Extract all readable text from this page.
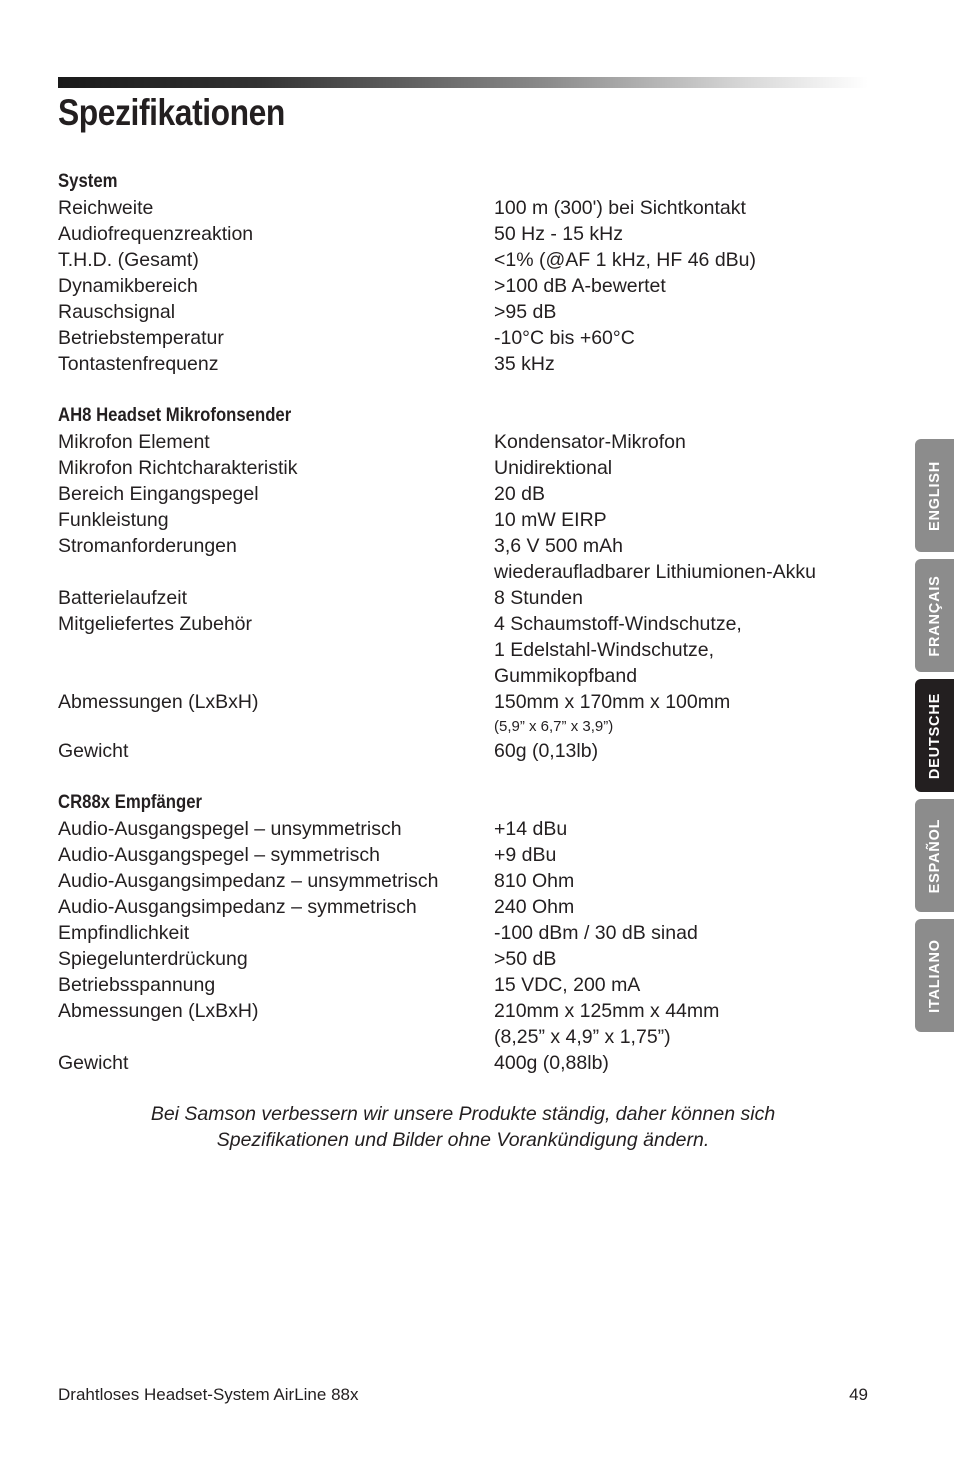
Spezifikationen
System
Reichweite	100 m (300') bei Sichtkontakt
Audiofrequenzreaktion	50 Hz - 15 kHz
T.H.D. (Gesamt)	<1% (@AF 1 kHz, HF 46 dBu)
Dynamikbereich	>100 dB A-bewertet
Rauschsignal	>95 dB
Betriebstemperatur	-10°C bis +60°C
Tontastenfrequenz	35 kHz
AH8 Headset Mikrofonsender
Mikrofon Element	Kondensator-Mikrofon
Mikrofon Richtcharakteristik	Unidirektional
Bereich Eingangspegel	20 dB
Funkleistung	10 mW EIRP
Stromanforderungen	3,6 V 500 mAh
wiederaufladbarer Lithiumionen-Akku
Batterielaufzeit	8 Stunden
Mitgeliefertes Zubehör	4 Schaumstoff-Windschutze,
1 Edelstahl-Windschutze,
Gummikopfband
Abmessungen (LxBxH)	150mm x 170mm x 100mm
(5,9” x 6,7” x 3,9”)
Gewicht	60g (0,13lb)
CR88x Empfänger
Audio-Ausgangspegel – unsymmetrisch	+14 dBu
Audio-Ausgangspegel – symmetrisch	+9 dBu
Audio-Ausgangsimpedanz – unsymmetrisch	810 Ohm
Audio-Ausgangsimpedanz – symmetrisch	240 Ohm
Empfindlichkeit	-100 dBm / 30 dB sinad
Spiegelunterdrückung	>50 dB
Betriebsspannung	15 VDC, 200 mA
Abmessungen (LxBxH)	210mm x 125mm x 44mm
(8,25” x 4,9” x 1,75”)
Gewicht	400g (0,88lb)
Bei Samson verbessern wir unsere Produkte ständig, daher können sich
Spezifikationen und Bilder ohne Vorankündigung ändern.
Drahtloses Headset-System AirLine 88x	49
ENGLISH
FRANÇAIS
DEUTSCHE
ESPAÑOL
ITALIANO
